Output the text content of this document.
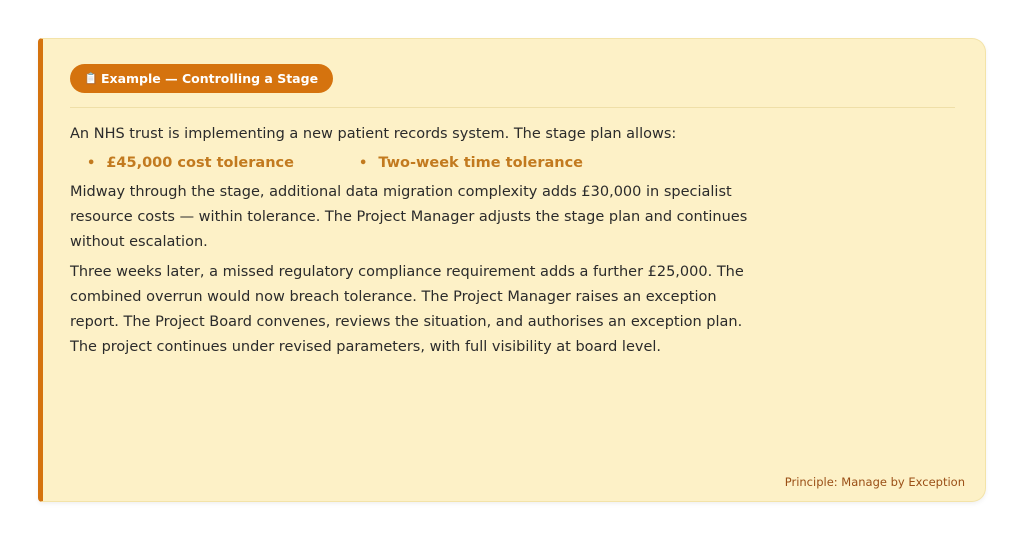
📋 Example — Controlling a Stage

An NHS trust is implementing a new patient records system. The stage plan allows:

• £45,000 cost tolerance	• Two-week time tolerance

Midway through the stage, additional data migration complexity adds £30,000 in specialist resource costs — within tolerance. The Project Manager adjusts the stage plan and continues without escalation.

Three weeks later, a missed regulatory compliance requirement adds a further £25,000. The combined overrun would now breach tolerance. The Project Manager raises an exception report. The Project Board convenes, reviews the situation, and authorises an exception plan. The project continues under revised parameters, with full visibility at board level.

Principle: Manage by Exception
